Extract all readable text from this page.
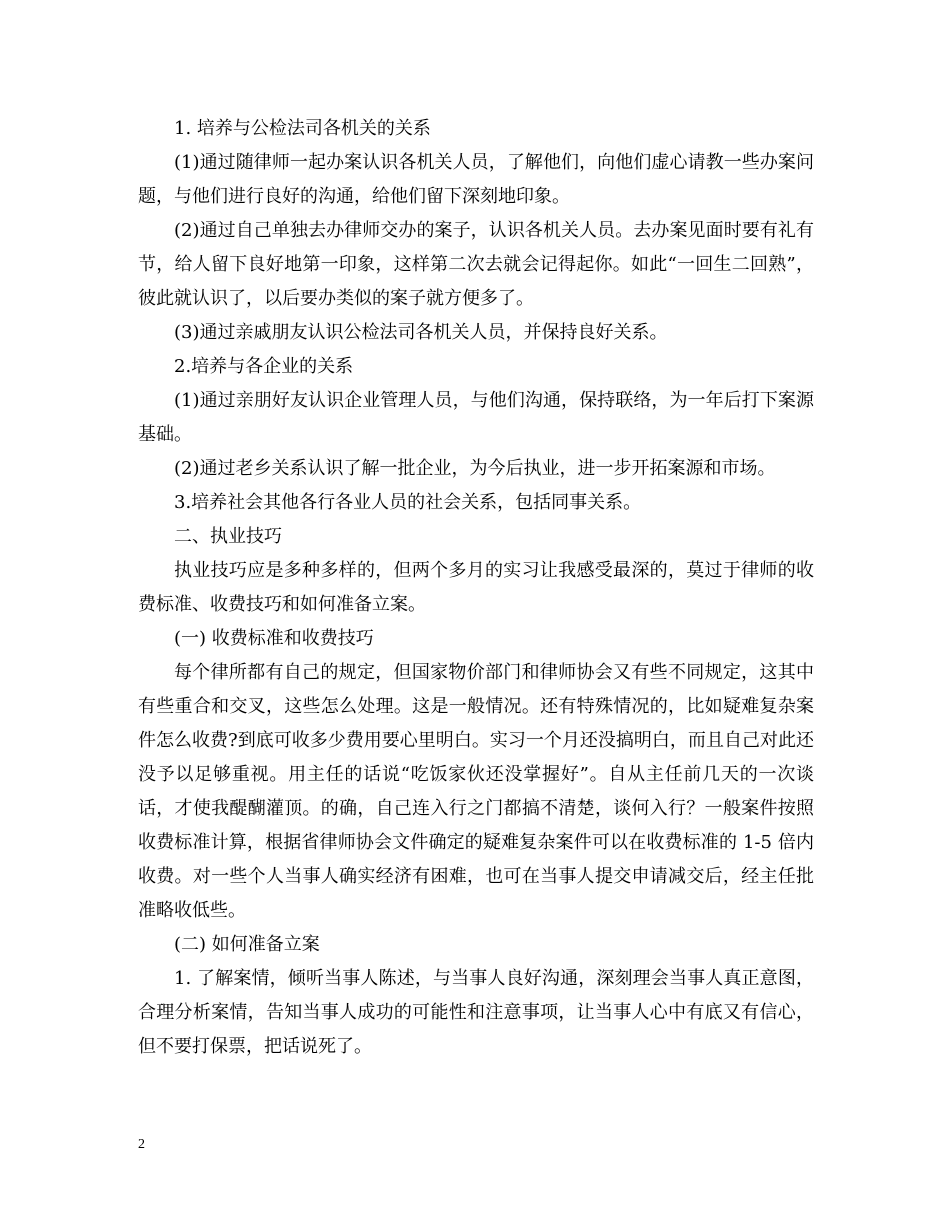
1. 培养与公检法司各机关的关系

(1)通过随律师一起办案认识各机关人员，了解他们，向他们虚心请教一些办案问题，与他们进行良好的沟通，给他们留下深刻地印象。

(2)通过自己单独去办律师交办的案子，认识各机关人员。去办案见面时要有礼有节，给人留下良好地第一印象，这样第二次去就会记得起你。如此“一回生二回熟”，彼此就认识了，以后要办类似的案子就方便多了。

(3)通过亲戚朋友认识公检法司各机关人员，并保持良好关系。

2.培养与各企业的关系

(1)通过亲朋好友认识企业管理人员，与他们沟通，保持联络，为一年后打下案源基础。

(2)通过老乡关系认识了解一批企业，为今后执业，进一步开拓案源和市场。

3.培养社会其他各行各业人员的社会关系，包括同事关系。

二、执业技巧

执业技巧应是多种多样的，但两个多月的实习让我感受最深的，莫过于律师的收费标准、收费技巧和如何准备立案。

(一) 收费标准和收费技巧

每个律所都有自己的规定，但国家物价部门和律师协会又有些不同规定，这其中有些重合和交叉，这些怎么处理。这是一般情况。还有特殊情况的，比如疑难复杂案件怎么收费?到底可收多少费用要心里明白。实习一个月还没搞明白，而且自己对此还没予以足够重视。用主任的话说“吃饭家伙还没掌握好”。自从主任前几天的一次谈话，才使我醍醐灌顶。的确，自己连入行之门都搞不清楚，谈何入行？一般案件按照收费标准计算，根据省律师协会文件确定的疑难复杂案件可以在收费标准的 1-5 倍内收费。对一些个人当事人确实经济有困难，也可在当事人提交申请减交后，经主任批准略收低些。

(二) 如何准备立案

1. 了解案情，倾听当事人陈述，与当事人良好沟通，深刻理会当事人真正意图，合理分析案情，告知当事人成功的可能性和注意事项，让当事人心中有底又有信心，但不要打保票，把话说死了。

2
